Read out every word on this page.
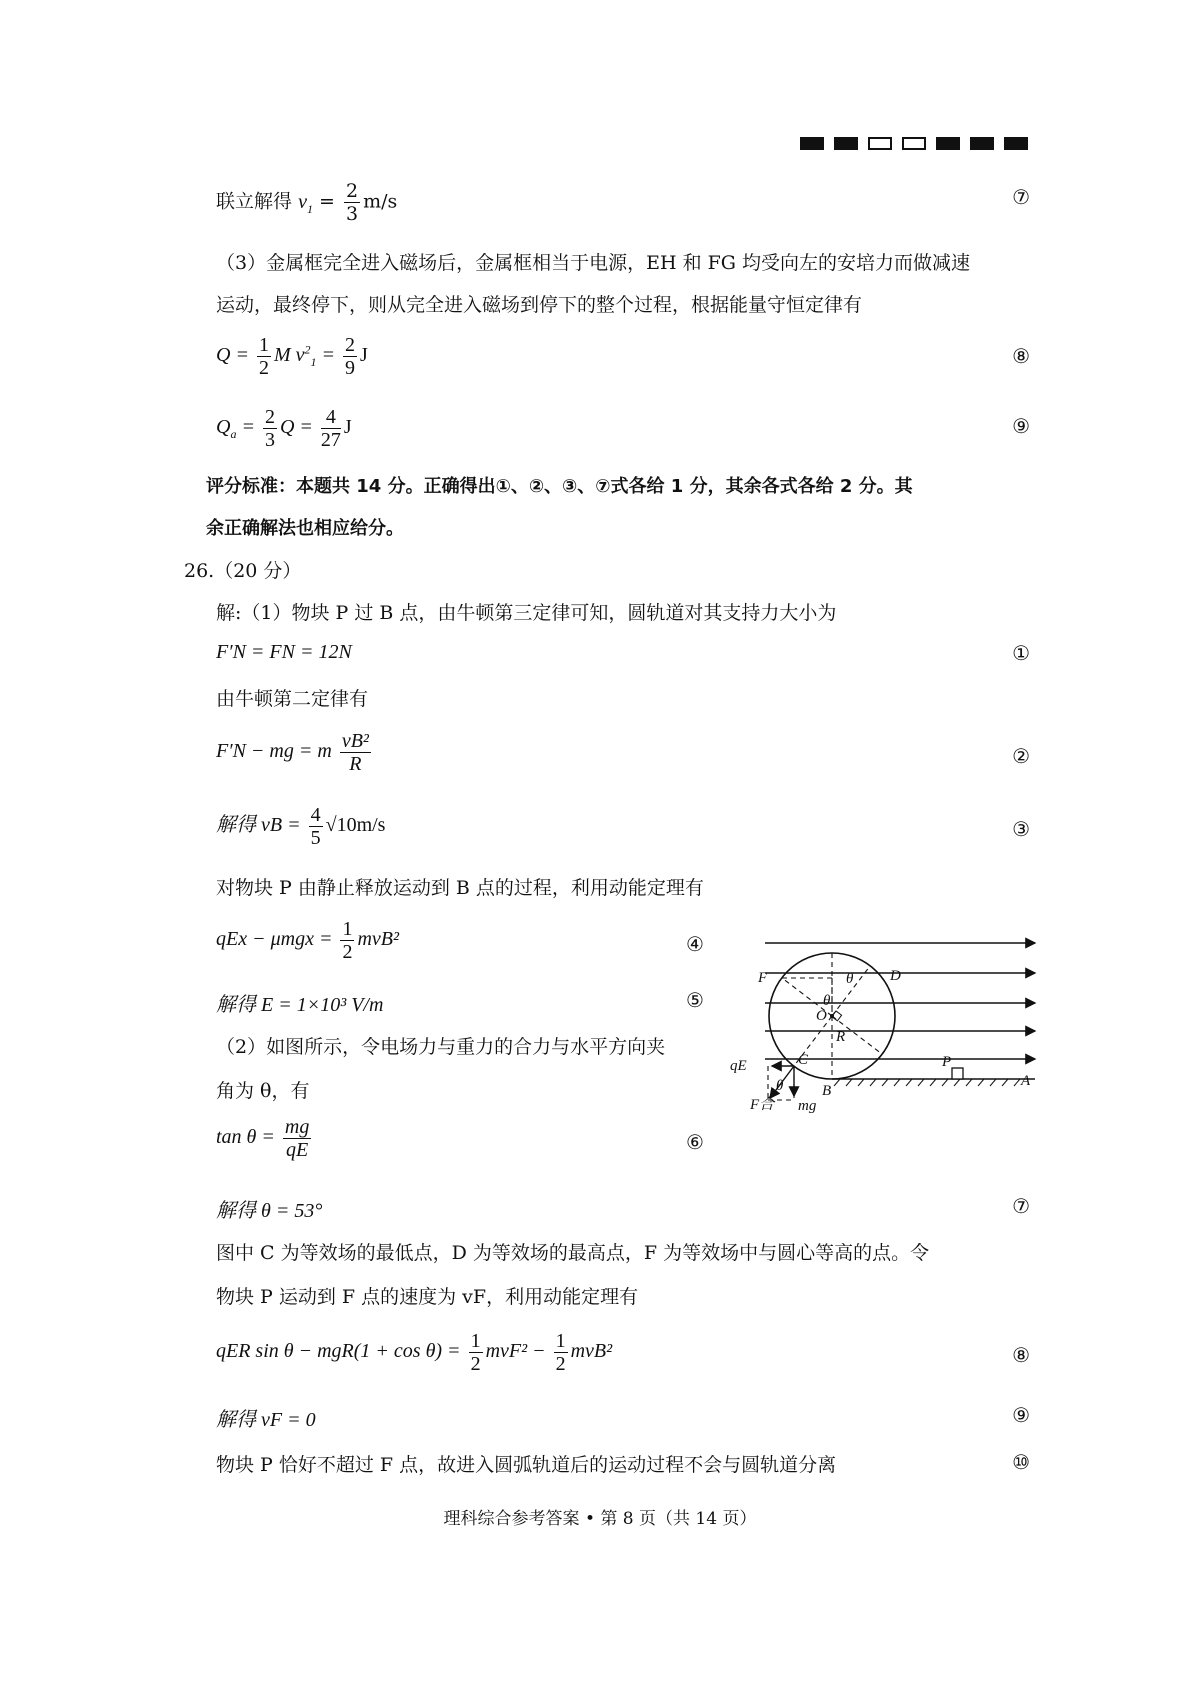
联立解得 $v_1 = \frac{2}{3} m/s$	⑦
（3）金属框完全进入磁场后，金属框相当于电源，EH 和 FG 均受向左的安培力而做减速
运动，最终停下，则从完全进入磁场到停下的整个过程，根据能量守恒定律有
$Q = \frac{1}{2}$ M $v^2_1 = \frac{2}{9}$ J	⑧
$Q_a = \frac{2}{3}$ $Q = \frac{4}{27}$ J	⑨
评分标准：本题共 14 分。正确得出①、②、③、⑦式各给 1 分，其余各式各给 2 分。其
余正确解法也相应给分。
26.（20 分）
解:（1）物块 P 过 B 点，由牛顿第三定律可知，圆轨道对其支持力大小为
F′N = FN = 12N	①
由牛顿第二定律有
F′N − mg = m $\frac{\text{vB²}}{R}$	②
解得 vB = $\frac{4}{5} √10m/s$	③
对物块 P 由静止释放运动到 B 点的过程，利用动能定理有
qEx − $\mu mgx = \frac{1}{2} mvB^2$	④
解得 E = 1×10³ V/m	⑤
（2）如图所示，令电场力与重力的合力与水平方向夹
角为 θ，有
$\tan \theta = \frac{mg}{qE}$	⑥
解得 θ = 53°	⑦
图中 C 为等效场的最低点，D 为等效场的最高点，F 为等效场中与圆心等高的点。令
物块 P 运动到 F 点的速度为 vF，利用动能定理有
qER $\sin \theta - mgR(1 + \cos \theta) = \frac{1}{2} mvF^2 - \frac{1}{2} mvB^2$	⑧
解得 vF = 0	⑨
物块 P 恰好不超过 F 点，故进入圆弧轨道后的运动过程不会与圆轨道分离	⑩
F	θ
θ
D
O
R
qE	C
θ	B
P
A
F合 mg
理科综合参考答案 • 第 8 页（共 14 页）
